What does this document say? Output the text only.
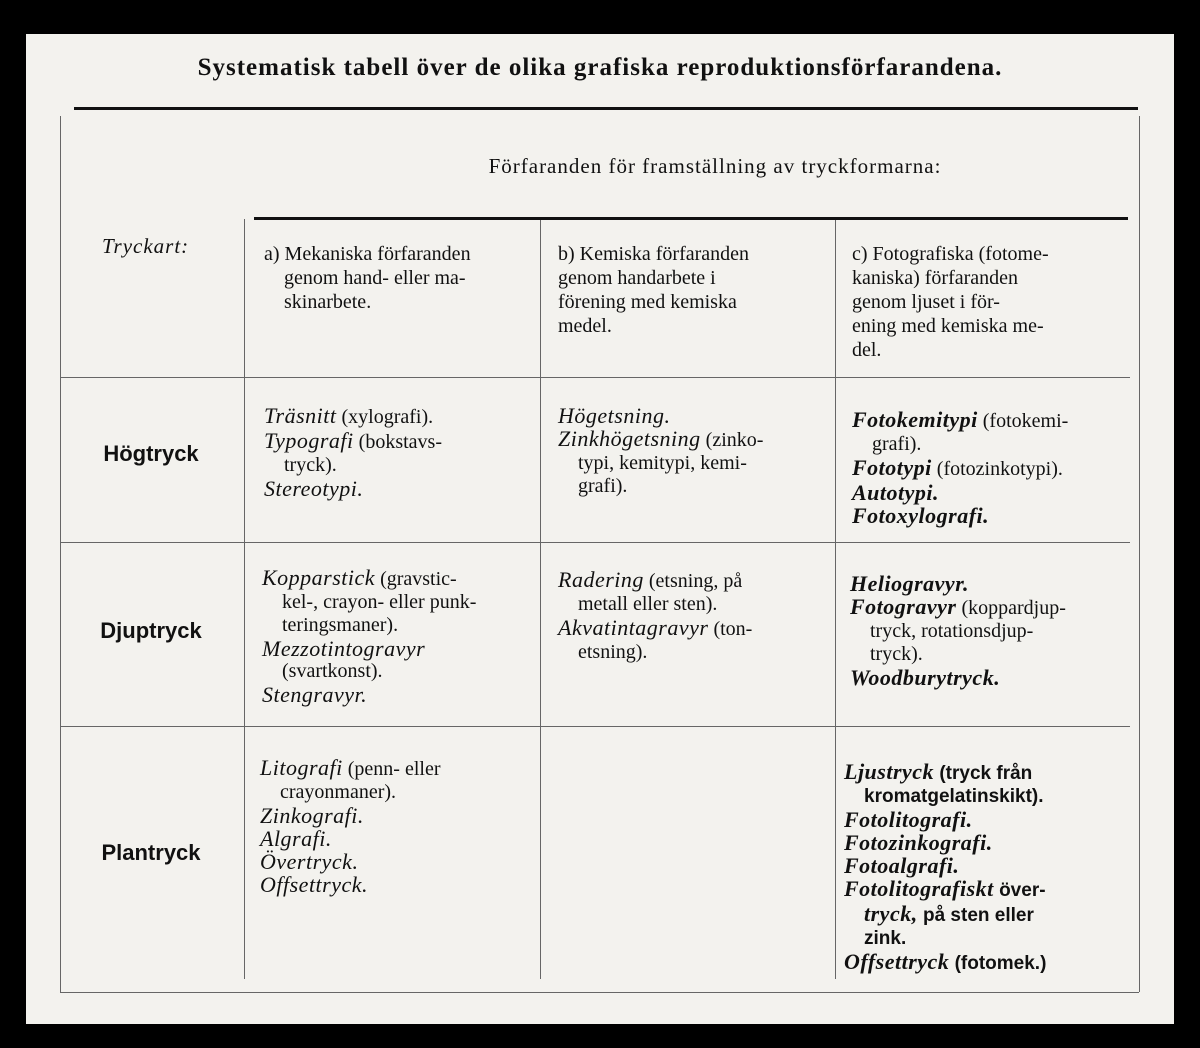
Systematisk tabell över de olika grafiska reproduktionsförfarandena.
Förfaranden för framställning av tryckformarna:
Tryckart:	a) Mekaniska förfaranden
genom hand- eller ma-
skinarbete.
b) Kemiska förfaranden
genom handarbete i
förening med kemiska
medel.
c) Fotografiska (fotome-
kaniska) förfaranden
genom ljuset i för-
ening med kemiska me-
del.
Högtryck
Träsnitt (xylografi).
Typografi (bokstavs-
tryck).
Stereotypi.
Högetsning.
Zinkhögetsning (zinko-
typi, kemitypi, kemi-
grafi).
Fotokemitypi (fotokemi-
grafi).
Fototypi (fotozinkotypi).
Autotypi.
Fotoxylografi.
Djuptryck
Kopparstick (gravstic-
kel-, crayon- eller punk-
teringsmaner).
Mezzotintogravyr
(svartkonst).
Stengravyr.
Radering (etsning, på
metall eller sten).
Akvatintagravyr (ton-
etsning).
Heliogravyr.
Fotogravyr (koppardjup-
tryck, rotationsdjup-
tryck).
Woodburytryck.
Plantryck
Litografi (penn- eller
crayonmaner).
Zinkografi.
Algrafi.
Övertryck.
Offsettryck.
Ljustryck (tryck från
kromatgelatinskikt).
Fotolitografi.
Fotozinkografi.
Fotoalgrafi.
Fotolitografiskt över-
tryck, på sten eller
zink.
Offsettryck (fotomek.)
